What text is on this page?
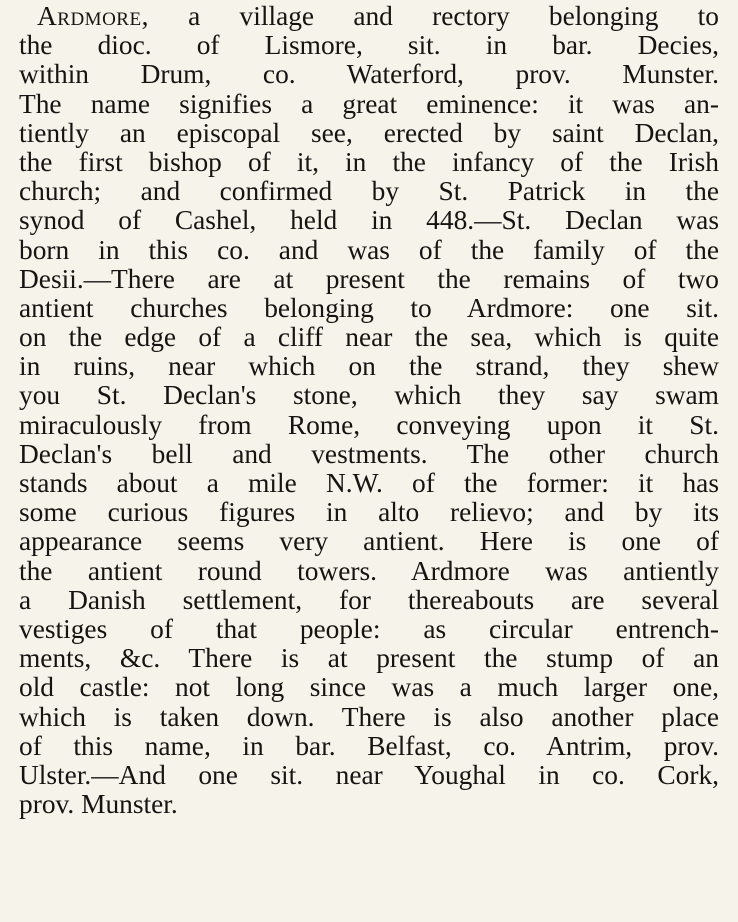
Ardmore, a village and rectory belonging to
the dioc. of Lismore, sit. in bar. Decies,
within Drum, co. Waterford, prov. Munster.
The name signifies a great eminence: it was an-
tiently an episcopal see, erected by saint Declan,
the first bishop of it, in the infancy of the Irish
church; and confirmed by St. Patrick in the
synod of Cashel, held in 448.—St. Declan was
born in this co. and was of the family of the
Desii.—There are at present the remains of two
antient churches belonging to Ardmore: one sit.
on the edge of a cliff near the sea, which is quite
in ruins, near which on the strand, they shew
you St. Declan's stone, which they say swam
miraculously from Rome, conveying upon it St.
Declan's bell and vestments. The other church
stands about a mile N.W. of the former: it has
some curious figures in alto relievo; and by its
appearance seems very antient. Here is one of
the antient round towers. Ardmore was antiently
a Danish settlement, for thereabouts are several
vestiges of that people: as circular entrench-
ments, &c. There is at present the stump of an
old castle: not long since was a much larger one,
which is taken down. There is also another place
of this name, in bar. Belfast, co. Antrim, prov.
Ulster.—And one sit. near Youghal in co. Cork,
prov. Munster.
